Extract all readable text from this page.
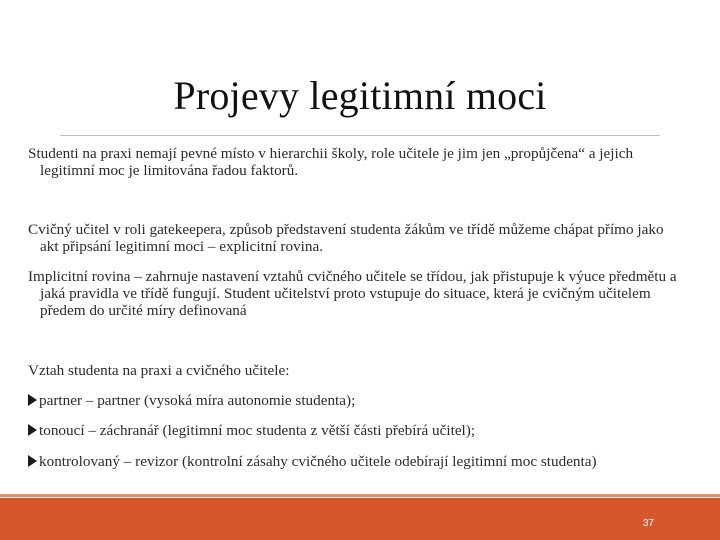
Projevy legitimní moci

Studenti na praxi nemají pevné místo v hierarchii školy, role učitele je jim jen „propůjčena“ a jejich legitimní moc je limitována řadou faktorů.

Cvičný učitel v roli gatekeepera, způsob představení studenta žákům ve třídě můžeme chápat přímo jako akt připsání legitimní moci – explicitní rovina.

Implicitní rovina – zahrnuje nastavení vztahů cvičného učitele se třídou, jak přistupuje k výuce předmětu a jaká pravidla ve třídě fungují. Student učitelství proto vstupuje do situace, která je cvičným učitelem předem do určité míry definovaná

Vztah studenta na praxi a cvičného učitele:

partner – partner (vysoká míra autonomie studenta);
tonoucí – záchranář (legitimní moc studenta z větší části přebírá učitel);
kontrolovaný – revizor (kontrolní zásahy cvičného učitele odebírají legitimní moc studenta)
37
